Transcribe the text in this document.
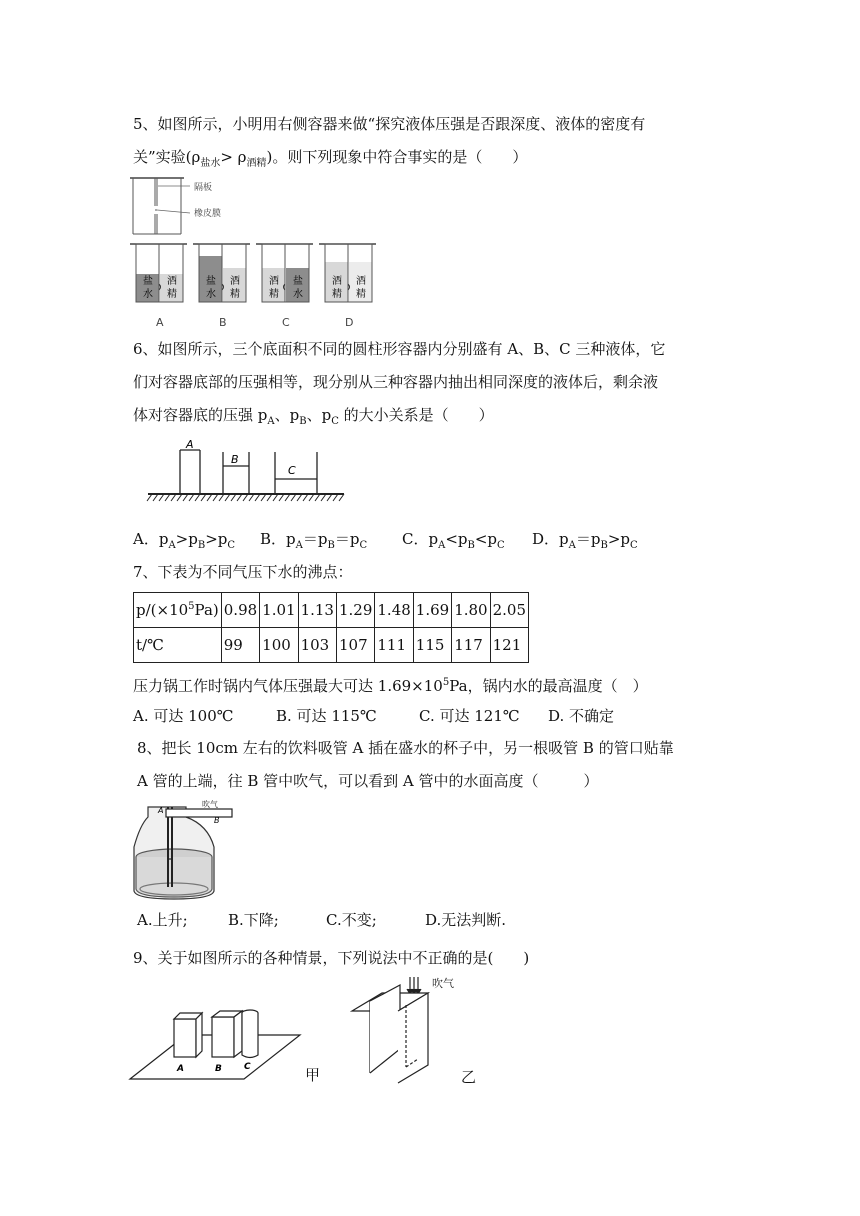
5、如图所示，小明用右侧容器来做“探究液体压强是否跟深度、液体的密度有
关”实验$(\rho_{盐水}> \rho_{酒精})$。则下列现象中符合事实的是（　　）
隔板
橡皮膜
盐
水
酒
精
盐
水
酒
精
酒
精
盐
水
酒
精
酒
精
A	B	C	D
6、如图所示，三个底面积不同的圆柱形容器内分别盛有 A、B、C 三种液体，它
们对容器底部的压强相等，现分别从三种容器内抽出相同深度的液体后，剩余液
体对容器底的压强 $p_A$、$p_B$、$p_C$ 的大小关系是（　　）
A
B
C
A．$p_A>p_B>p_C$ B．$p_A=p_B=p_C$ C．$p_A<p_B<p_C$ D．$p_A=p_B>p_C$
7、下表为不同气压下水的沸点：
$p/(\times 10^5Pa)$	0.98	1.01	1.13	1.29	1.48	1.69	1.80	2.05
t/℃	99	100	103	107	111	115	117	121
压力锅工作时锅内气体压强最大可达 $1.69\times 10^5Pa$，锅内水的最高温度（　）
A. 可达 100℃	B. 可达 115℃	C. 可达 121℃ D. 不确定
8、把长 10cm 左右的饮料吸管 A 插在盛水的杯子中，另一根吸管 B 的管口贴靠
A 管的上端，往 B 管中吹气，可以看到 A 管中的水面高度（　　　）
吹气
A
B
A.上升;	B.下降;	C.不变;	D.无法判断.
9、关于如图所示的各种情景，下列说法中不正确的是(　　)
A	B C	甲
吹气
乙
